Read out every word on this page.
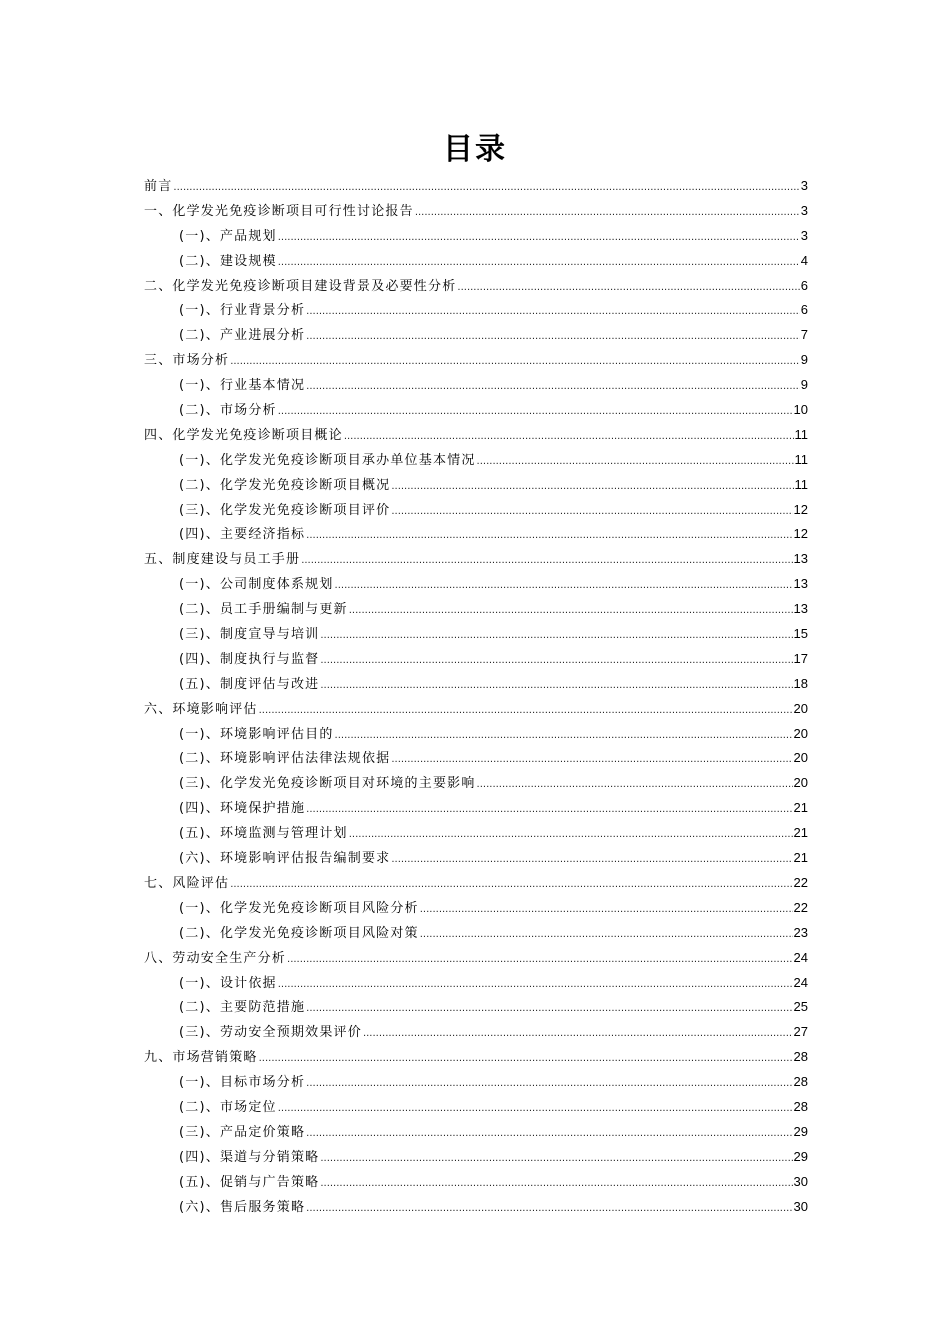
目录
前言 .....	3
一、化学发光免疫诊断项目可行性讨论报告 .....	3
(一)、产品规划 .....	3
(二)、建设规模 .....	4
二、化学发光免疫诊断项目建设背景及必要性分析 .....	6
(一)、行业背景分析 .....	6
(二)、产业进展分析 .....	7
三、市场分析 .....	9
(一)、行业基本情况 .....	9
(二)、市场分析 .....	10
四、化学发光免疫诊断项目概论 .....	11
(一)、化学发光免疫诊断项目承办单位基本情况 .....	11
(二)、化学发光免疫诊断项目概况 .....	11
(三)、化学发光免疫诊断项目评价 .....	12
(四)、主要经济指标 .....	12
五、制度建设与员工手册 .....	13
(一)、公司制度体系规划 .....	13
(二)、员工手册编制与更新 .....	13
(三)、制度宣导与培训 .....	15
(四)、制度执行与监督 .....	17
(五)、制度评估与改进 .....	18
六、环境影响评估 .....	20
(一)、环境影响评估目的 .....	20
(二)、环境影响评估法律法规依据 .....	20
(三)、化学发光免疫诊断项目对环境的主要影响 .....	20
(四)、环境保护措施 .....	21
(五)、环境监测与管理计划 .....	21
(六)、环境影响评估报告编制要求 .....	21
七、风险评估 .....	22
(一)、化学发光免疫诊断项目风险分析 .....	22
(二)、化学发光免疫诊断项目风险对策 .....	23
八、劳动安全生产分析 .....	24
(一)、设计依据 .....	24
(二)、主要防范措施 .....	25
(三)、劳动安全预期效果评价 .....	27
九、市场营销策略 .....	28
(一)、目标市场分析 .....	28
(二)、市场定位 .....	28
(三)、产品定价策略 .....	29
(四)、渠道与分销策略 .....	29
(五)、促销与广告策略 .....	30
(六)、售后服务策略 .....	30
